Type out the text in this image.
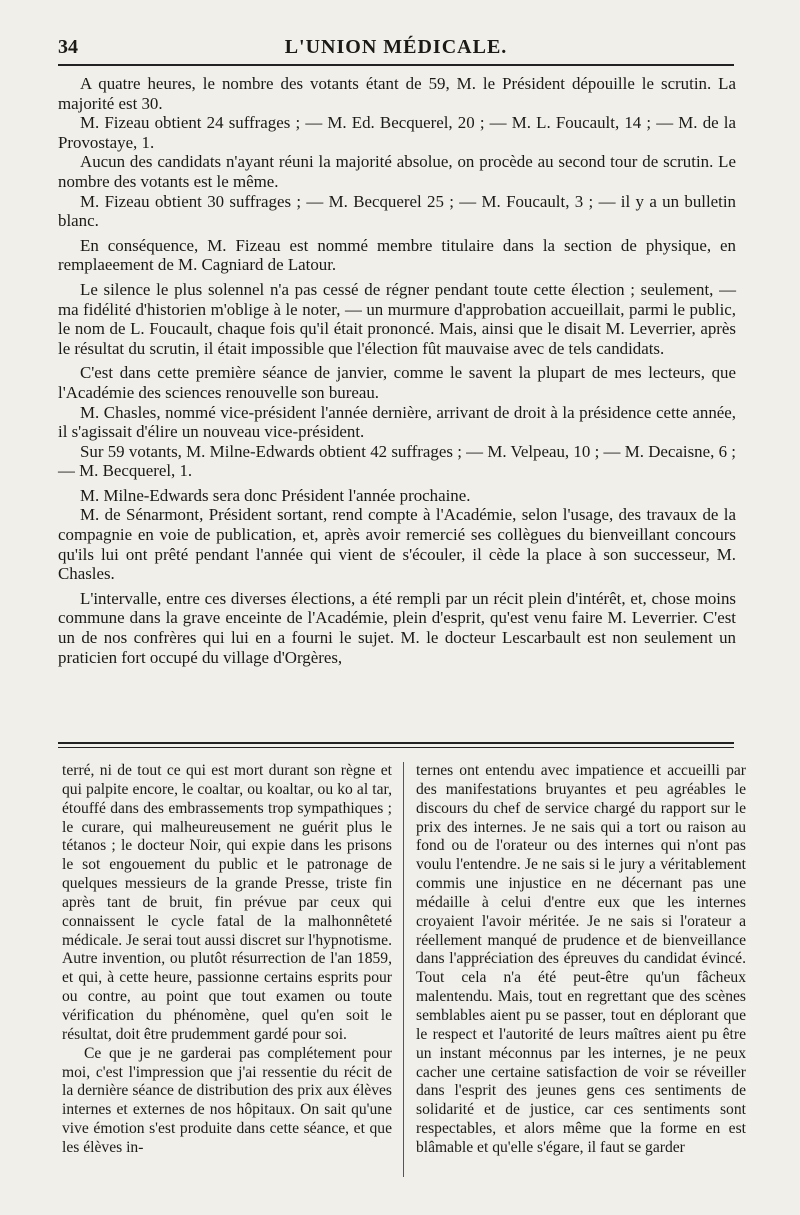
34	L'UNION MÉDICALE.

A quatre heures, le nombre des votants étant de 59, M. le Président dépouille le scrutin. La majorité est 30.

M. Fizeau obtient 24 suffrages ; — M. Ed. Becquerel, 20 ; — M. L. Foucault, 14 ; — M. de la Provostaye, 1.

Aucun des candidats n'ayant réuni la majorité absolue, on procède au second tour de scrutin. Le nombre des votants est le même.

M. Fizeau obtient 30 suffrages ; — M. Becquerel 25 ; — M. Foucault, 3 ; — il y a un bulletin blanc.

En conséquence, M. Fizeau est nommé membre titulaire dans la section de physique, en remplaeement de M. Cagniard de Latour.

Le silence le plus solennel n'a pas cessé de régner pendant toute cette élection ; seulement, — ma fidélité d'historien m'oblige à le noter, — un murmure d'approbation accueillait, parmi le public, le nom de L. Foucault, chaque fois qu'il était prononcé. Mais, ainsi que le disait M. Leverrier, après le résultat du scrutin, il était impossible que l'élection fût mauvaise avec de tels candidats.

C'est dans cette première séance de janvier, comme le savent la plupart de mes lecteurs, que l'Académie des sciences renouvelle son bureau.

M. Chasles, nommé vice-président l'année dernière, arrivant de droit à la présidence cette année, il s'agissait d'élire un nouveau vice-président.

Sur 59 votants, M. Milne-Edwards obtient 42 suffrages ; — M. Velpeau, 10 ; — M. Decaisne, 6 ; — M. Becquerel, 1.

M. Milne-Edwards sera donc Président l'année prochaine.

M. de Sénarmont, Président sortant, rend compte à l'Académie, selon l'usage, des travaux de la compagnie en voie de publication, et, après avoir remercié ses collègues du bienveillant concours qu'ils lui ont prêté pendant l'année qui vient de s'écouler, il cède la place à son successeur, M. Chasles.

L'intervalle, entre ces diverses élections, a été rempli par un récit plein d'intérêt, et, chose moins commune dans la grave enceinte de l'Académie, plein d'esprit, qu'est venu faire M. Leverrier. C'est un de nos confrères qui lui en a fourni le sujet. M. le docteur Lescarbault est non seulement un praticien fort occupé du village d'Orgères,

terré, ni de tout ce qui est mort durant son règne et qui palpite encore, le coaltar, ou koaltar, ou ko al tar, étouffé dans des embrassements trop sympathiques ; le curare, qui malheureusement ne guérit plus le tétanos ; le docteur Noir, qui expie dans les prisons le sot engouement du public et le patronage de quelques messieurs de la grande Presse, triste fin après tant de bruit, fin prévue par ceux qui connaissent le cycle fatal de la malhonnêteté médicale. Je serai tout aussi discret sur l'hypnotisme. Autre invention, ou plutôt résurrection de l'an 1859, et qui, à cette heure, passionne certains esprits pour ou contre, au point que tout examen ou toute vérification du phénomène, quel qu'en soit le résultat, doit être prudemment gardé pour soi.

Ce que je ne garderai pas complétement pour moi, c'est l'impression que j'ai ressentie du récit de la dernière séance de distribution des prix aux élèves internes et externes de nos hôpitaux. On sait qu'une vive émotion s'est produite dans cette séance, et que les élèves in-

ternes ont entendu avec impatience et accueilli par des manifestations bruyantes et peu agréables le discours du chef de service chargé du rapport sur le prix des internes. Je ne sais qui a tort ou raison au fond ou de l'orateur ou des internes qui n'ont pas voulu l'entendre. Je ne sais si le jury a véritablement commis une injustice en ne décernant pas une médaille à celui d'entre eux que les internes croyaient l'avoir méritée. Je ne sais si l'orateur a réellement manqué de prudence et de bienveillance dans l'appréciation des épreuves du candidat évincé. Tout cela n'a été peut-être qu'un fâcheux malentendu. Mais, tout en regrettant que des scènes semblables aient pu se passer, tout en déplorant que le respect et l'autorité de leurs maîtres aient pu être un instant méconnus par les internes, je ne peux cacher une certaine satisfaction de voir se réveiller dans l'esprit des jeunes gens ces sentiments de solidarité et de justice, car ces sentiments sont respectables, et alors même que la forme en est blâmable et qu'elle s'égare, il faut se garder
